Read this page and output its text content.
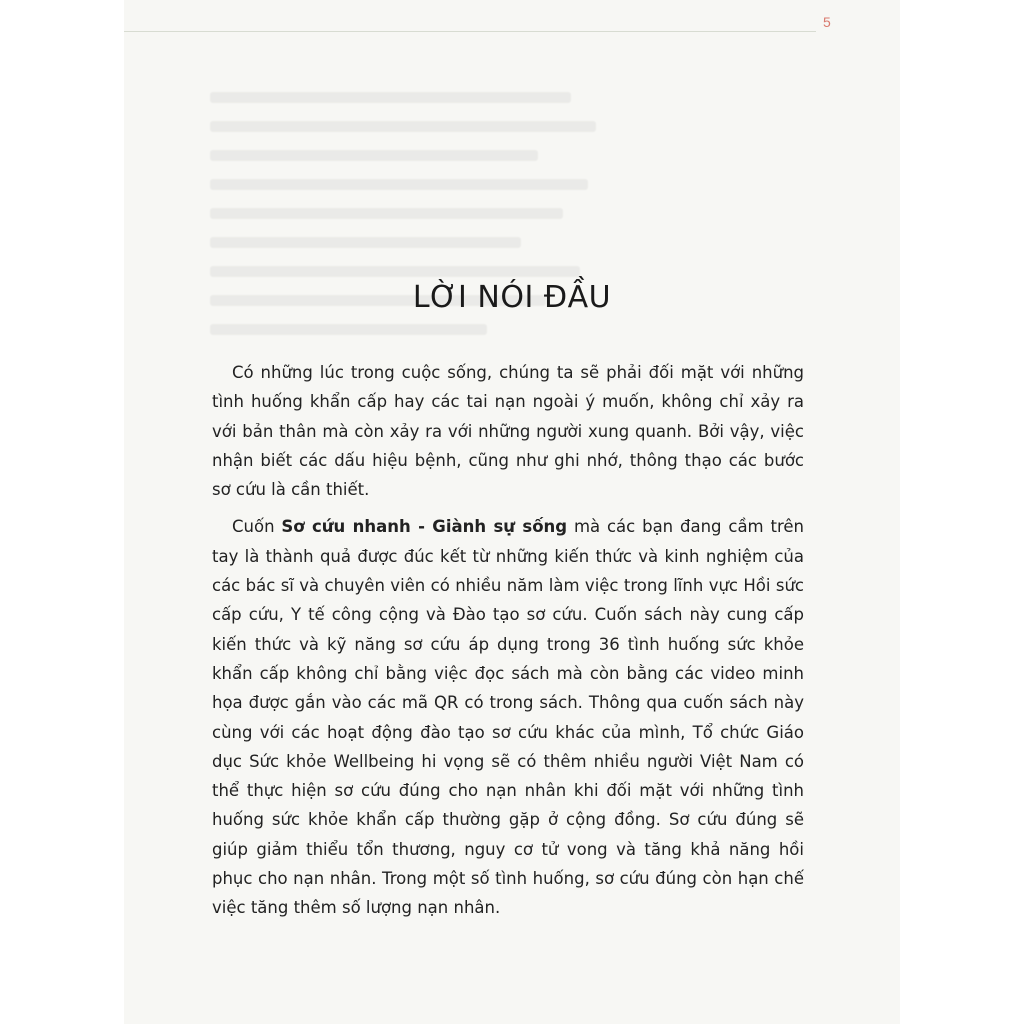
5
LỜI NÓI ĐẦU

Có những lúc trong cuộc sống, chúng ta sẽ phải đối mặt với những tình huống khẩn cấp hay các tai nạn ngoài ý muốn, không chỉ xảy ra với bản thân mà còn xảy ra với những người xung quanh. Bởi vậy, việc nhận biết các dấu hiệu bệnh, cũng như ghi nhớ, thông thạo các bước sơ cứu là cần thiết.

Cuốn Sơ cứu nhanh - Giành sự sống mà các bạn đang cầm trên tay là thành quả được đúc kết từ những kiến thức và kinh nghiệm của các bác sĩ và chuyên viên có nhiều năm làm việc trong lĩnh vực Hồi sức cấp cứu, Y tế công cộng và Đào tạo sơ cứu. Cuốn sách này cung cấp kiến thức và kỹ năng sơ cứu áp dụng trong 36 tình huống sức khỏe khẩn cấp không chỉ bằng việc đọc sách mà còn bằng các video minh họa được gắn vào các mã QR có trong sách. Thông qua cuốn sách này cùng với các hoạt động đào tạo sơ cứu khác của mình, Tổ chức Giáo dục Sức khỏe Wellbeing hi vọng sẽ có thêm nhiều người Việt Nam có thể thực hiện sơ cứu đúng cho nạn nhân khi đối mặt với những tình huống sức khỏe khẩn cấp thường gặp ở cộng đồng. Sơ cứu đúng sẽ giúp giảm thiểu tổn thương, nguy cơ tử vong và tăng khả năng hồi phục cho nạn nhân. Trong một số tình huống, sơ cứu đúng còn hạn chế việc tăng thêm số lượng nạn nhân.
